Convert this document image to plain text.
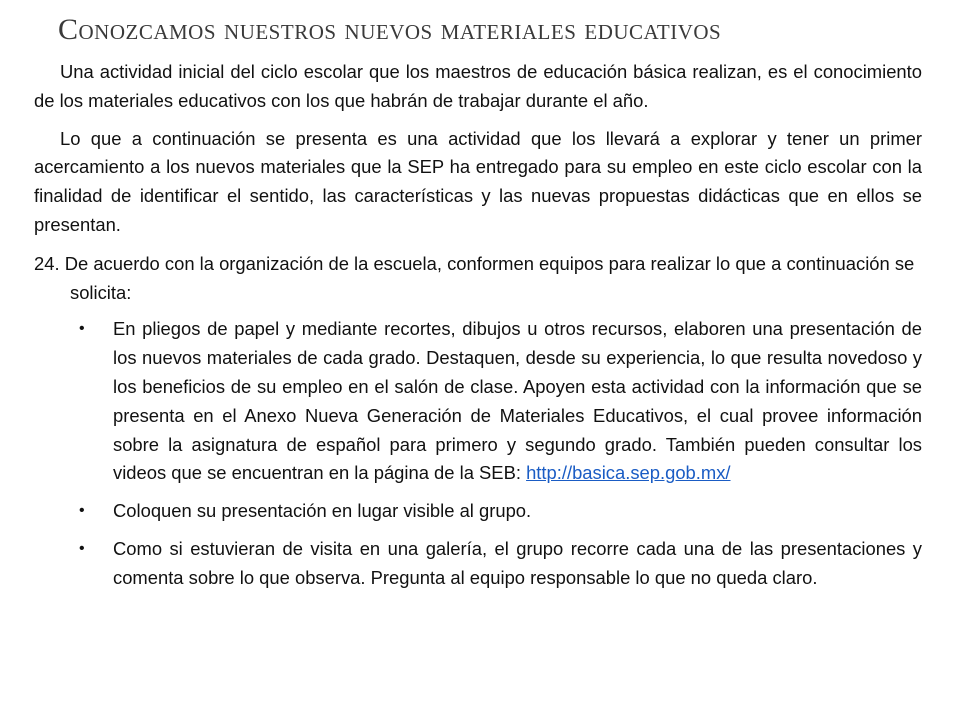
Conozcamos nuestros nuevos materiales educativos

Una actividad inicial del ciclo escolar que los maestros de educación básica realizan, es el conocimiento de los materiales educativos con los que habrán de trabajar durante el año.

Lo que a continuación se presenta es una actividad que los llevará a explorar y tener un primer acercamiento a los nuevos materiales que la SEP ha entregado para su empleo en este ciclo escolar con la finalidad de identificar el sentido, las características y las nuevas propuestas didácticas que en ellos se presentan.

24. De acuerdo con la organización de la escuela, conformen equipos para realizar lo que a continuación se solicita:

• En pliegos de papel y mediante recortes, dibujos u otros recursos, elaboren una presentación de los nuevos materiales de cada grado. Destaquen, desde su experiencia, lo que resulta novedoso y los beneficios de su empleo en el salón de clase. Apoyen esta actividad con la información que se presenta en el Anexo Nueva Generación de Materiales Educativos, el cual provee información sobre la asignatura de español para primero y segundo grado. También pueden consultar los videos que se encuentran en la página de la SEB: http://basica.sep.gob.mx/
• Coloquen su presentación en lugar visible al grupo.
• Como si estuvieran de visita en una galería, el grupo recorre cada una de las presentaciones y comenta sobre lo que observa. Pregunta al equipo responsable lo que no queda claro.
